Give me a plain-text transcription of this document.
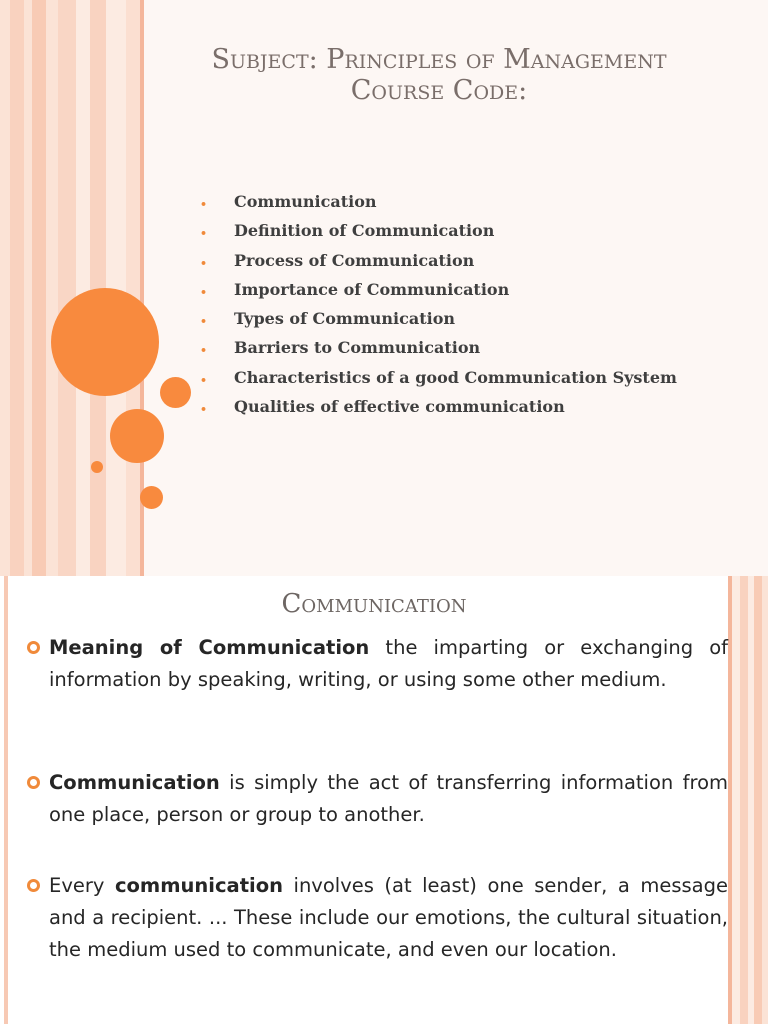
Subject: Principles of Management
Course Code:
• Communication
• Definition of Communication
• Process of Communication
• Importance of Communication
• Types of Communication
• Barriers to Communication
• Characteristics of a good Communication System
• Qualities of effective communication
Communication
Meaning of Communication the imparting or exchanging of information by speaking, writing, or using some other medium.
Communication is simply the act of transferring information from one place, person or group to another.
Every communication involves (at least) one sender, a message and a recipient. ... These include our emotions, the cultural situation, the medium used to communicate, and even our location.
